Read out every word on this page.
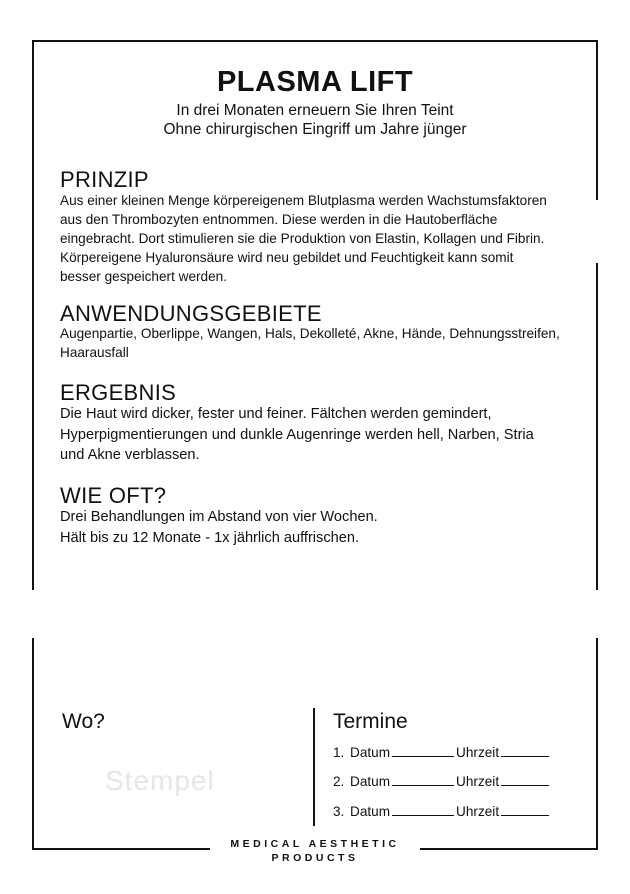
PLASMA LIFT
In drei Monaten erneuern Sie Ihren Teint
Ohne chirurgischen Eingriff um Jahre jünger
PRINZIP
Aus einer kleinen Menge körpereigenem Blutplasma werden Wachstumsfaktoren
aus den Thrombozyten entnommen. Diese werden in die Hautoberfläche
eingebracht. Dort stimulieren sie die Produktion von Elastin, Kollagen und Fibrin.
Körpereigene Hyaluronsäure wird neu gebildet und Feuchtigkeit kann somit
besser gespeichert werden.
ANWENDUNGSGEBIETE
Augenpartie, Oberlippe, Wangen, Hals, Dekolleté, Akne, Hände, Dehnungsstreifen,
Haarausfall
ERGEBNIS
Die Haut wird dicker, fester und feiner. Fältchen werden gemindert,
Hyperpigmentierungen und dunkle Augenringe werden hell, Narben, Stria
und Akne verblassen.
WIE OFT?
Drei Behandlungen im Abstand von vier Wochen.
Hält bis zu 12 Monate - 1x jährlich auffrischen.
Wo?
Stempel
Termine
1. Datum	Uhrzeit
2. Datum	Uhrzeit
3. Datum	Uhrzeit
MEDICAL AESTHETIC
PRODUCTS
